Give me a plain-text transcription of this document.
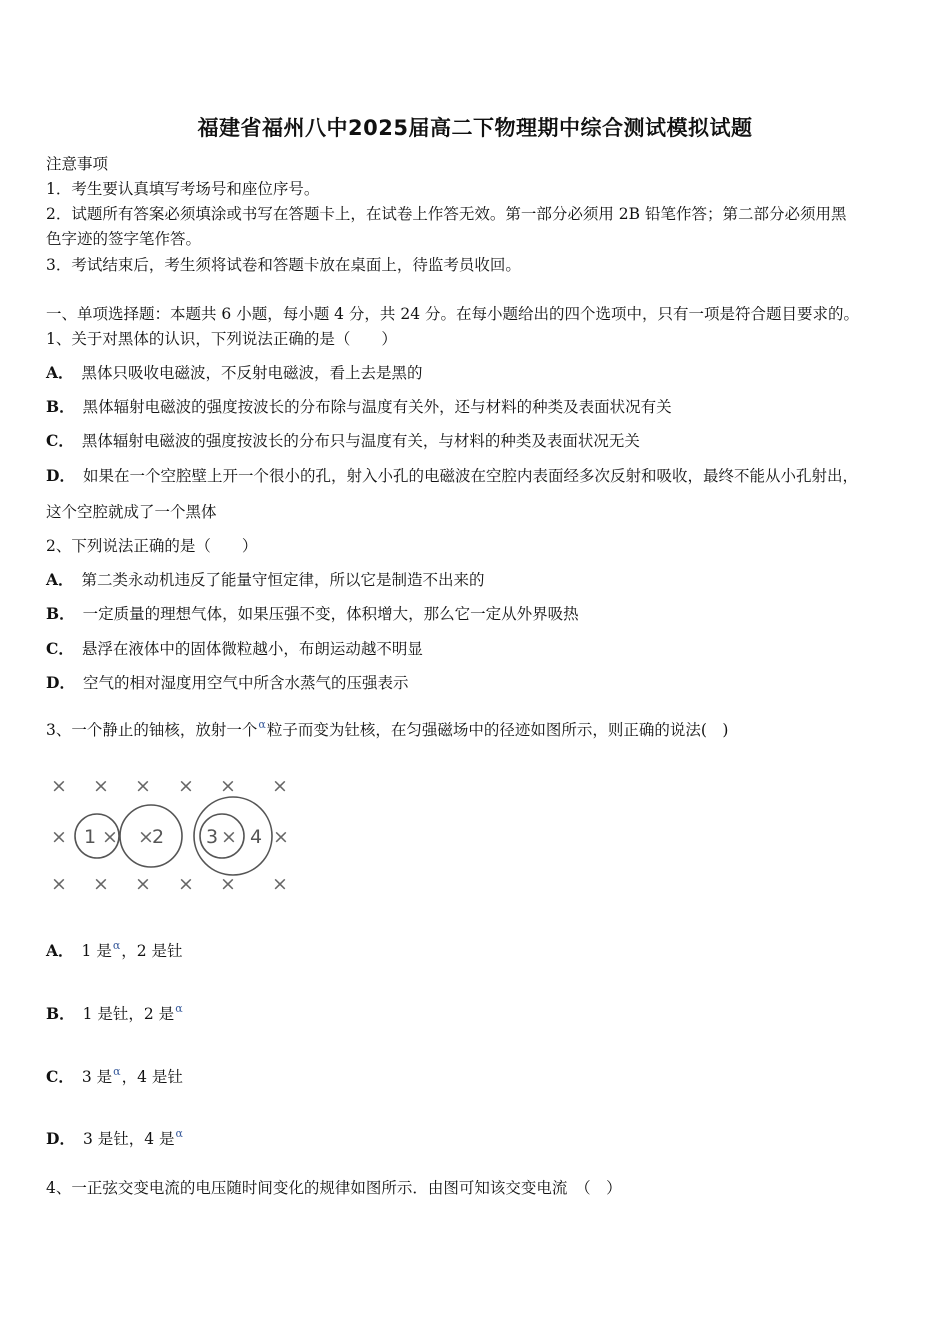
福建省福州八中2025届高二下物理期中综合测试模拟试题
注意事项
1．考生要认真填写考场号和座位序号。
2．试题所有答案必须填涂或书写在答题卡上，在试卷上作答无效。第一部分必须用 2B 铅笔作答；第二部分必须用黑
色字迹的签字笔作答。
3．考试结束后，考生须将试卷和答题卡放在桌面上，待监考员收回。
一、单项选择题：本题共 6 小题，每小题 4 分，共 24 分。在每小题给出的四个选项中，只有一项是符合题目要求的。
1、关于对黑体的认识，下列说法正确的是（　　）
A． 黑体只吸收电磁波，不反射电磁波，看上去是黑的
B． 黑体辐射电磁波的强度按波长的分布除与温度有关外，还与材料的种类及表面状况有关
C． 黑体辐射电磁波的强度按波长的分布只与温度有关，与材料的种类及表面状况无关
D． 如果在一个空腔壁上开一个很小的孔，射入小孔的电磁波在空腔内表面经多次反射和吸收，最终不能从小孔射出，
这个空腔就成了一个黑体
2、下列说法正确的是（　　）
A． 第二类永动机违反了能量守恒定律，所以它是制造不出来的
B． 一定质量的理想气体，如果压强不变，体积增大，那么它一定从外界吸热
C． 悬浮在液体中的固体微粒越小，布朗运动越不明显
D． 空气的相对湿度用空气中所含水蒸气的压强表示
3、一个静止的铀核，放射一个$^\alpha$粒子而变为钍核，在匀强磁场中的径迹如图所示，则正确的说法(　)
× × × × × ×
× × ×	× ×
× × × × × ×
1	2 3 4
A． 1 是$^\alpha$，2 是钍
B． 1 是钍，2 是$^\alpha$
C． 3 是$^\alpha$，4 是钍
D． 3 是钍，4 是$^\alpha$
4、一正弦交变电流的电压随时间变化的规律如图所示．由图可知该交变电流　（　）
